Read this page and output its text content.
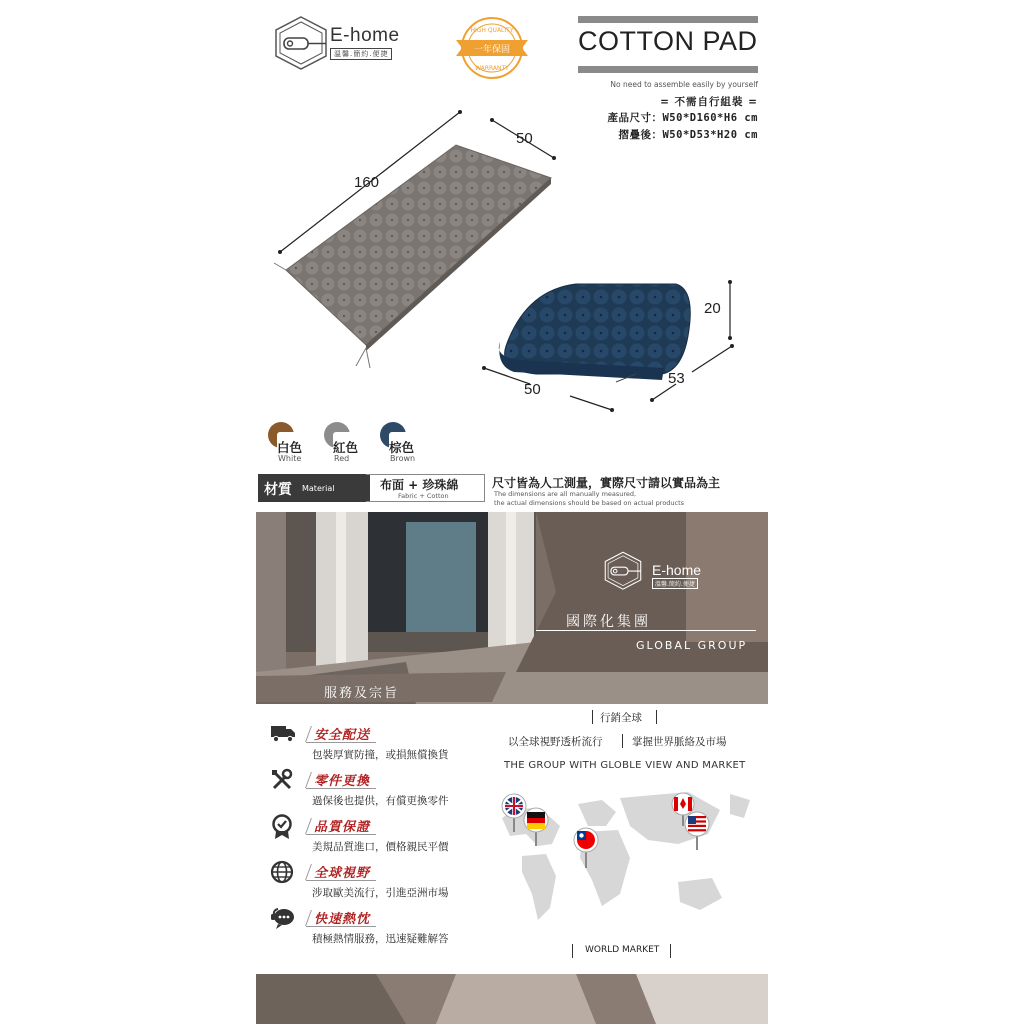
E-home
溫馨.簡約.便捷
HIGH QUALITY
一年保固
WARRANTY
COTTON PAD
No need to assemble easily by yourself
= 不需自行組裝 =
產品尺寸：W50*D160*H6 cm
摺疊後：W50*D53*H20 cm
160
50
20
50
53
白色
White
紅色
Red
棕色
Brown
材質 Material	布面 + 珍珠綿
Fabric + Cotton
尺寸皆為人工測量，實際尺寸請以實品為主
The dimensions are all manually measured,
the actual dimensions should be based on actual products
E-home
溫馨.簡約.便捷
國際化集團
GLOBAL GROUP
服務及宗旨
安全配送
包裝厚實防撞，或損無償換貨
零件更換
過保後也提供，有償更換零件
品質保證
美規品質進口，價格親民平價
全球視野
涉取歐美流行，引進亞洲市場
快速熱忱
積極熱情服務，迅速疑難解答
行銷全球
以全球視野透析流行	掌握世界脈絡及市場
THE GROUP WITH GLOBLE VIEW AND MARKET
WORLD MARKET
